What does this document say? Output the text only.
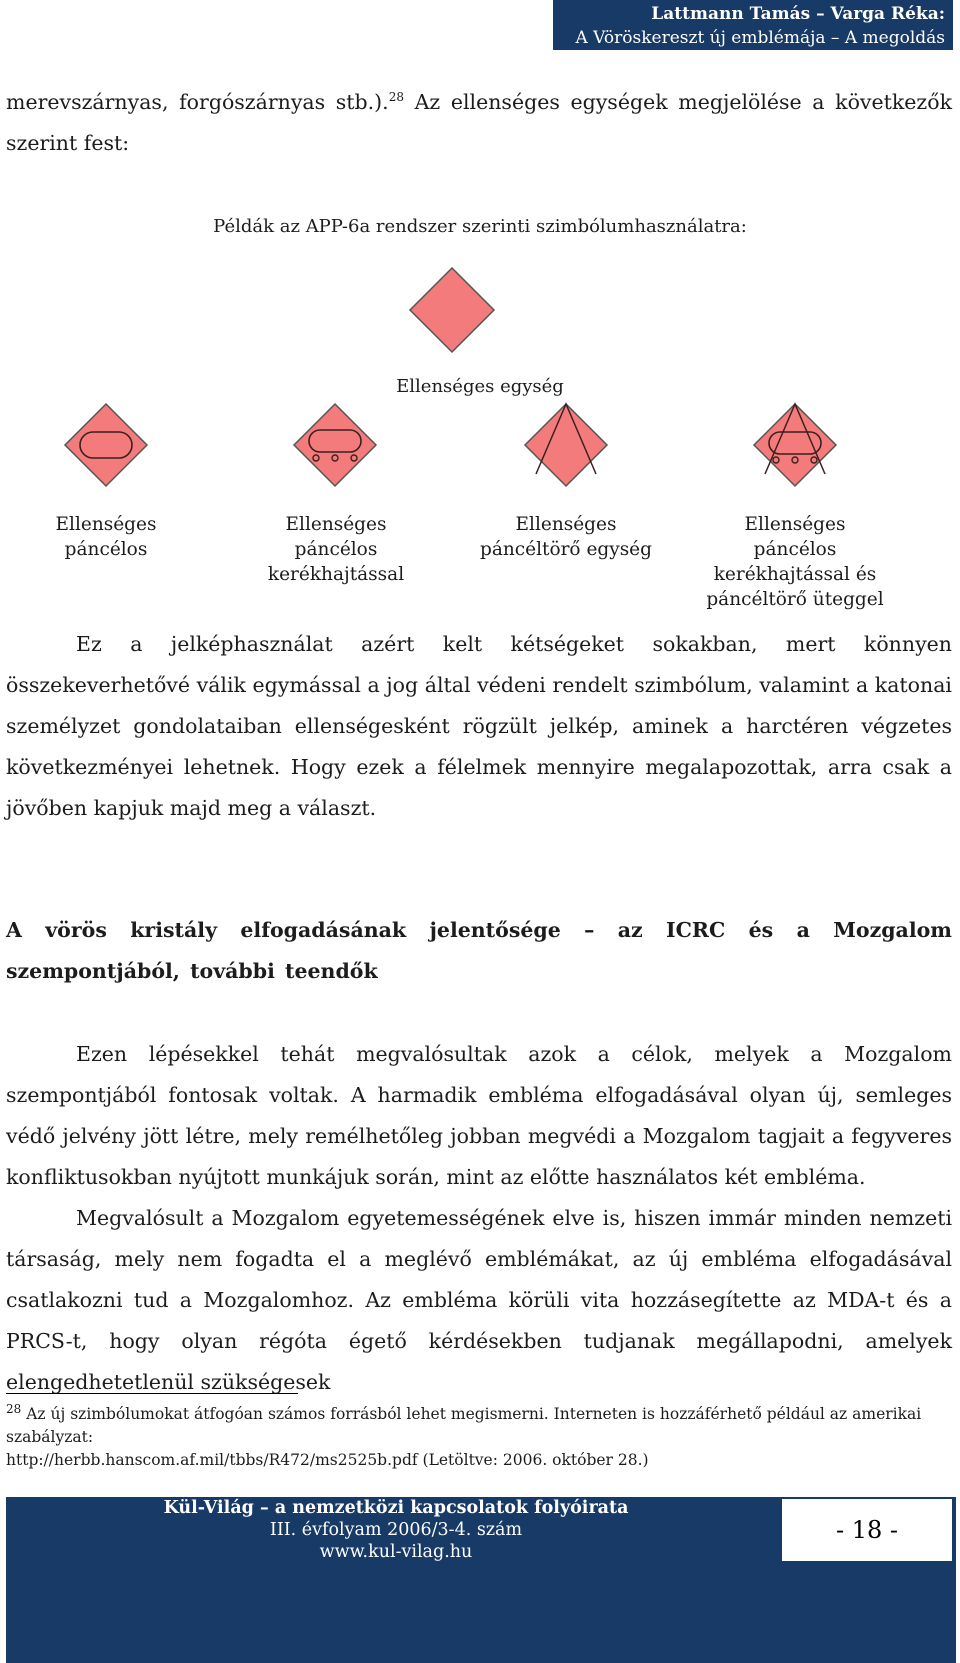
Lattmann Tamás – Varga Réka:
A Vöröskereszt új emblémája – A megoldás

merevszárnyas, forgószárnyas stb.).$^{28}$ Az ellenséges egységek megjelölése a következők szerint fest:

Példák az APP-6a rendszer szerinti szimbólumhasználatra:
Ellenséges egység
Ellenséges páncélos
Ellenséges páncélos kerékhajtással
Ellenséges páncéltörő egység
Ellenséges páncélos kerékhajtással és páncéltörő üteggel

Ez a jelképhasználat azért kelt kétségeket sokakban, mert könnyen összekeverhetővé válik egymással a jog által védeni rendelt szimbólum, valamint a katonai személyzet gondolataiban ellenségesként rögzült jelkép, aminek a harctéren végzetes következményei lehetnek. Hogy ezek a félelmek mennyire megalapozottak, arra csak a jövőben kapjuk majd meg a választ.

A vörös kristály elfogadásának jelentősége – az ICRC és a Mozgalom szempontjából, további teendők

Ezen lépésekkel tehát megvalósultak azok a célok, melyek a Mozgalom szempontjából fontosak voltak. A harmadik embléma elfogadásával olyan új, semleges védő jelvény jött létre, mely remélhetőleg jobban megvédi a Mozgalom tagjait a fegyveres konfliktusokban nyújtott munkájuk során, mint az előtte használatos két embléma.

Megvalósult a Mozgalom egyetemességének elve is, hiszen immár minden nemzeti társaság, mely nem fogadta el a meglévő emblémákat, az új embléma elfogadásával csatlakozni tud a Mozgalomhoz. Az embléma körüli vita hozzásegítette az MDA-t és a PRCS-t, hogy olyan régóta égető kérdésekben tudjanak megállapodni, amelyek elengedhetetlenül szükségesek

$^{28}$ Az új szimbólumokat átfogóan számos forrásból lehet megismerni. Interneten is hozzáférhető például az amerikai szabályzat:
http://herbb.hanscom.af.mil/tbbs/R472/ms2525b.pdf (Letöltve: 2006. október 28.)

Kül-Világ – a nemzetközi kapcsolatok folyóirata
III. évfolyam 2006/3-4. szám
www.kul-vilag.hu
- 18 -
